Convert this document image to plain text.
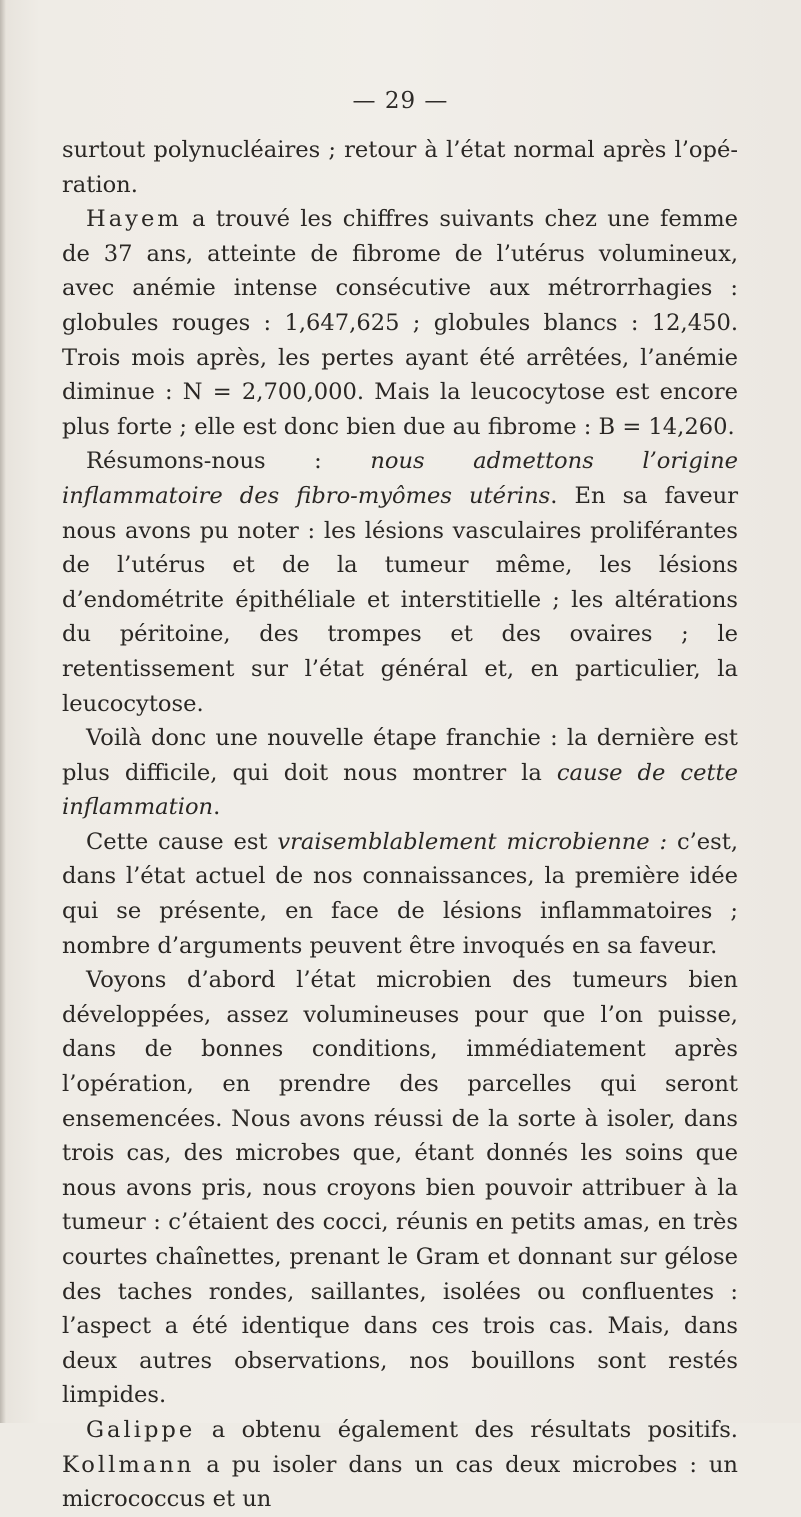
— 29 —

surtout polynucléaires ; retour à l’état normal après l’opération.

Hayem a trouvé les chiffres suivants chez une femme de 37 ans, atteinte de fibrome de l’utérus volumineux, avec anémie intense consécutive aux métrorrhagies : globules rouges : 1,647,625 ; globules blancs : 12,450. Trois mois après, les pertes ayant été arrêtées, l’anémie diminue : N = 2,700,000. Mais la leucocytose est encore plus forte ; elle est donc bien due au fibrome : B = 14,260.

Résumons-nous : nous admettons l’origine inflammatoire des fibro-myômes utérins. En sa faveur nous avons pu noter : les lésions vasculaires proliférantes de l’utérus et de la tumeur même, les lésions d’endométrite épithéliale et interstitielle ; les altérations du péritoine, des trompes et des ovaires ; le retentissement sur l’état général et, en particulier, la leucocytose.

Voilà donc une nouvelle étape franchie : la dernière est plus difficile, qui doit nous montrer la cause de cette inflammation.

Cette cause est vraisemblablement microbienne : c’est, dans l’état actuel de nos connaissances, la première idée qui se présente, en face de lésions inflammatoires ; nombre d’arguments peuvent être invoqués en sa faveur.

Voyons d’abord l’état microbien des tumeurs bien développées, assez volumineuses pour que l’on puisse, dans de bonnes conditions, immédiatement après l’opération, en prendre des parcelles qui seront ensemencées. Nous avons réussi de la sorte à isoler, dans trois cas, des microbes que, étant donnés les soins que nous avons pris, nous croyons bien pouvoir attribuer à la tumeur : c’étaient des cocci, réunis en petits amas, en très courtes chaînettes, prenant le Gram et donnant sur gélose des taches rondes, saillantes, isolées ou confluentes : l’aspect a été identique dans ces trois cas. Mais, dans deux autres observations, nos bouillons sont restés limpides.

Galippe a obtenu également des résultats positifs. Kollmann a pu isoler dans un cas deux microbes : un micrococcus et un
